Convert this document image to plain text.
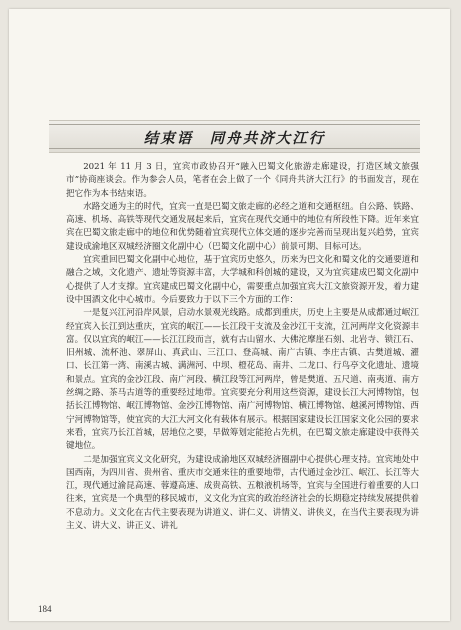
结束语　同舟共济大江行

2021 年 11 月 3 日，宜宾市政协召开“融入巴蜀文化旅游走廊建设，打造区域文旅强市”协商座谈会。作为参会人员，笔者在会上做了一个《同舟共济大江行》的书面发言，现在把它作为本书结束语。

水路交通为主的时代，宜宾一直是巴蜀文旅走廊的必经之道和交通枢纽。自公路、铁路、高速、机场、高铁等现代交通发展起来后，宜宾在现代交通中的地位有所段性下降。近年来宜宾在巴蜀文旅走廊中的地位和优势随着宜宾现代立体交通的逐步完善而呈现出复兴趋势，宜宾建设成渝地区双城经济圈文化副中心（巴蜀文化副中心）前景可期、目标可达。

宜宾重回巴蜀文化副中心地位，基于宜宾历史悠久，历来为巴文化和蜀文化的交通要道和融合之域，文化遗产、遗址等资源丰富，大学城和科创城的建设，又为宜宾建成巴蜀文化副中心提供了人才支撑。宜宾建成巴蜀文化副中心，需要重点加强宜宾大江文旅资源开发，着力建设中国酒文化中心城市。今后要致力于以下三个方面的工作：

一是复兴江河沿岸风景，启动水景观光线路。成都到重庆，历史上主要是从成都通过岷江经宜宾入长江到达重庆，宜宾的岷江——长江段干支流及金沙江干支流，江河两岸文化资源丰富。仅以宜宾的岷江——长江江段而言，就有古山留水、大佛沱摩崖石刻、北岩寺、锁江石、旧州城、流杯池、翠屏山、真武山、三江口、登高城、南广古镇、李庄古镇、古樊道城、濯口、长江第一湾、南溪古城、满洲河、中坝、橙花岛、南井、二龙口、行鸟亭文化遗址、遗境和景点。宜宾的金沙江段、南广河段、横江段等江河两岸，曾是樊道、五尺道、南夷道、南方丝绸之路、茶马古道等的重要经过地带。宜宾要充分利用这些资源，建设长江大河博物馆，包括长江博物馆、岷江博物馆、金沙江博物馆、南广河博物馆、横江博物馆、越溪河博物馆、西宁河博物馆等，使宜宾的大江大河文化有载体有展示。根据国家建设长江国家文化公园的要求来看，宜宾乃长江首城，居地位之要，早做筹划定能抢占先机，在巴蜀文旅走廊建设中获得关键地位。

二是加强宜宾义文化研究，为建设成渝地区双城经济圈副中心提供心理支持。宜宾地处中国西南，为四川省、贵州省、重庆市交通来往的重要地带，古代通过金沙江、岷江、长江等大江，现代通过渝昆高速、蓉遵高速、成贵高铁、五粮液机场等，宜宾与全国进行着重要的人口往来，宜宾是一个典型的移民城市，义文化为宜宾的政治经济社会的长期稳定持续发展提供着不息动力。义文化在古代主要表现为讲道义、讲仁义、讲情义、讲侠义，在当代主要表现为讲主义、讲大义、讲正义、讲礼

184
